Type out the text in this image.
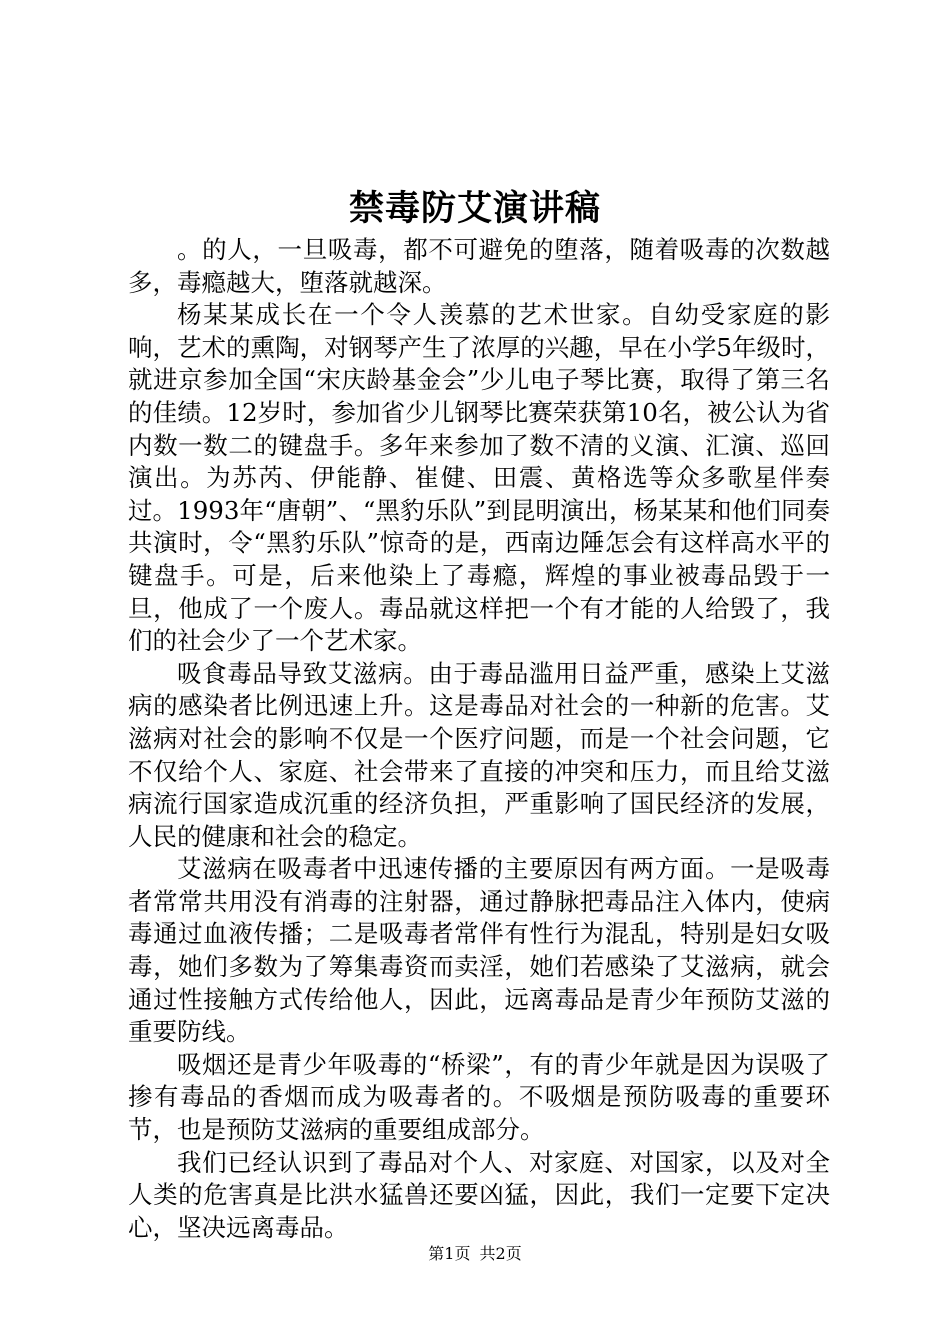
禁毒防艾演讲稿

。的人，一旦吸毒，都不可避免的堕落，随着吸毒的次数越多，毒瘾越大，堕落就越深。

杨某某成长在一个令人羡慕的艺术世家。自幼受家庭的影响，艺术的熏陶，对钢琴产生了浓厚的兴趣，早在小学5年级时，就进京参加全国“宋庆龄基金会”少儿电子琴比赛，取得了第三名的佳绩。12岁时，参加省少儿钢琴比赛荣获第10名，被公认为省内数一数二的键盘手。多年来参加了数不清的义演、汇演、巡回演出。为苏芮、伊能静、崔健、田震、黄格选等众多歌星伴奏过。1993年“唐朝”、“黑豹乐队”到昆明演出，杨某某和他们同奏共演时，令“黑豹乐队”惊奇的是，西南边陲怎会有这样高水平的键盘手。可是，后来他染上了毒瘾，辉煌的事业被毒品毁于一旦，他成了一个废人。毒品就这样把一个有才能的人给毁了，我们的社会少了一个艺术家。

吸食毒品导致艾滋病。由于毒品滥用日益严重，感染上艾滋病的感染者比例迅速上升。这是毒品对社会的一种新的危害。艾滋病对社会的影响不仅是一个医疗问题，而是一个社会问题，它不仅给个人、家庭、社会带来了直接的冲突和压力，而且给艾滋病流行国家造成沉重的经济负担，严重影响了国民经济的发展，人民的健康和社会的稳定。

艾滋病在吸毒者中迅速传播的主要原因有两方面。一是吸毒者常常共用没有消毒的注射器，通过静脉把毒品注入体内，使病毒通过血液传播；二是吸毒者常伴有性行为混乱，特别是妇女吸毒，她们多数为了筹集毒资而卖淫，她们若感染了艾滋病，就会通过性接触方式传给他人，因此，远离毒品是青少年预防艾滋的重要防线。

吸烟还是青少年吸毒的“桥梁”，有的青少年就是因为误吸了掺有毒品的香烟而成为吸毒者的。不吸烟是预防吸毒的重要环节，也是预防艾滋病的重要组成部分。

我们已经认识到了毒品对个人、对家庭、对国家，以及对全人类的危害真是比洪水猛兽还要凶猛，因此，我们一定要下定决心，坚决远离毒品。

第1页 共2页
